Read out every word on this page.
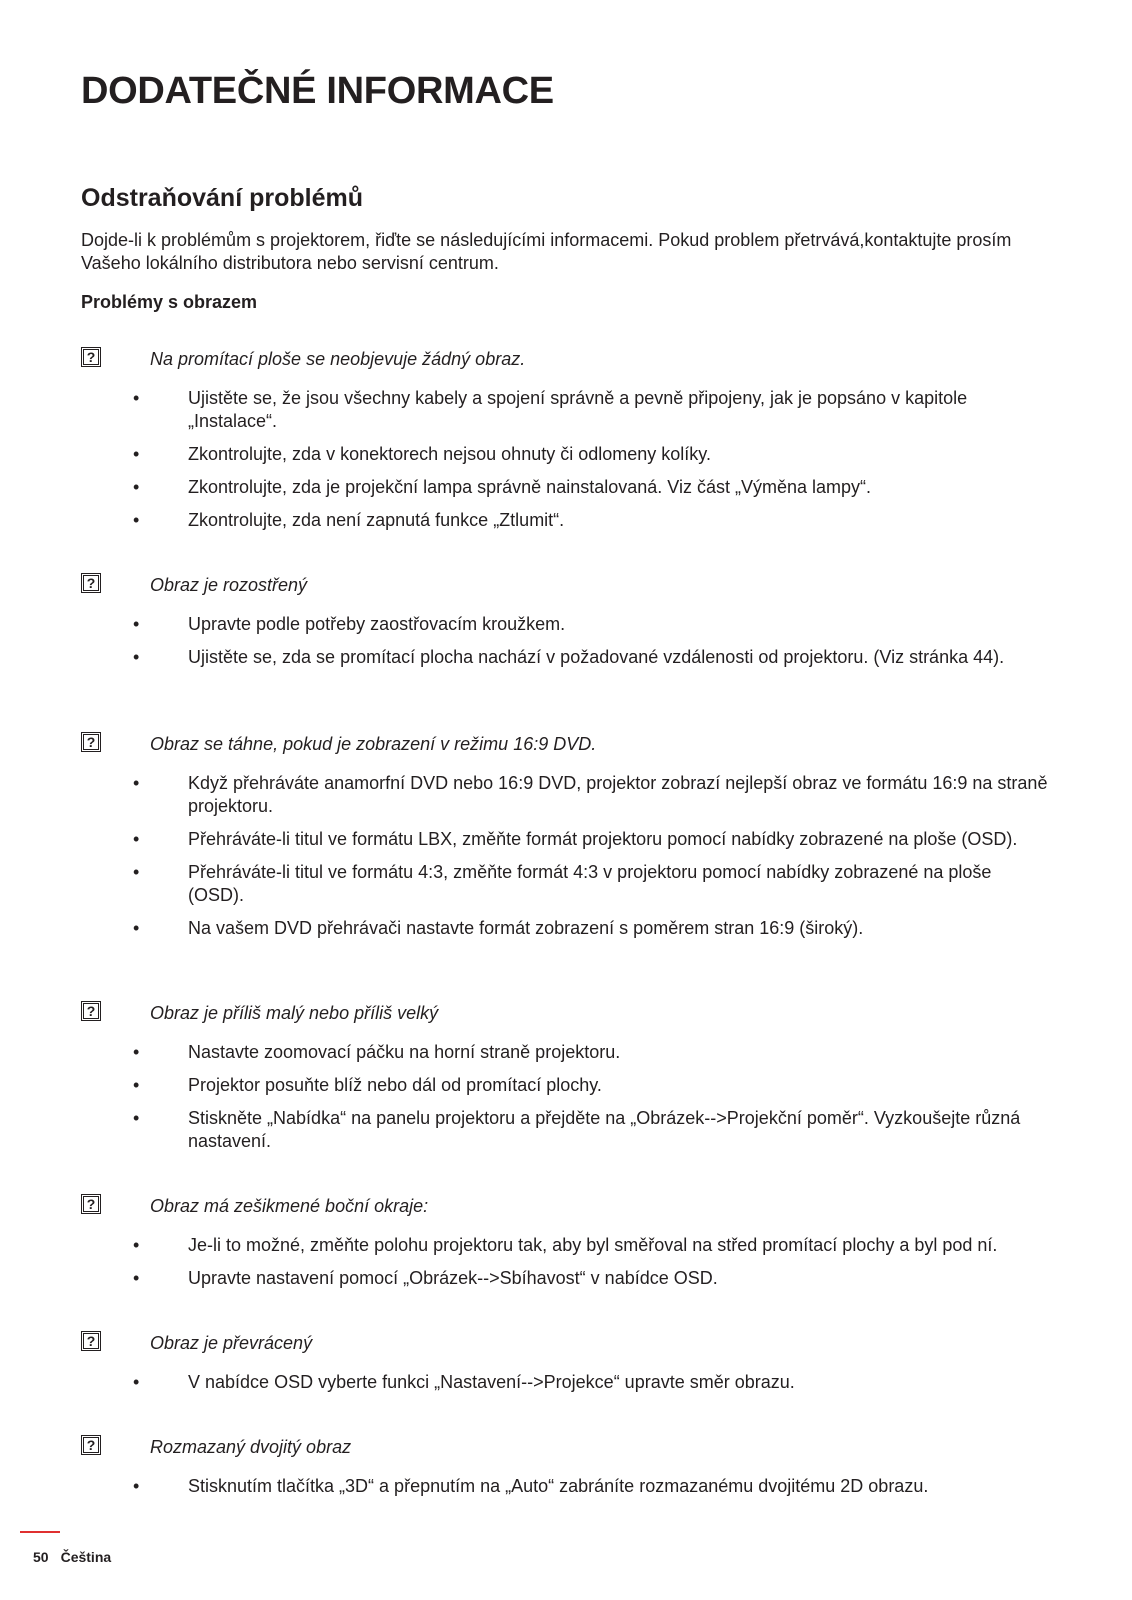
DODATEČNÉ INFORMACE
Odstraňování problémů

Dojde-li k problémům s projektorem, řiďte se následujícími informacemi. Pokud problem přetrvává,kontaktujte prosím Vašeho lokálního distributora nebo servisní centrum.

Problémy s obrazem

?	Na promítací ploše se neobjevuje žádný obraz.

•	Ujistěte se, že jsou všechny kabely a spojení správně a pevně připojeny, jak je popsáno v kapitole „Instalace“.
•	Zkontrolujte, zda v konektorech nejsou ohnuty či odlomeny kolíky.
•	Zkontrolujte, zda je projekční lampa správně nainstalovaná. Viz část „Výměna lampy“.
•	Zkontrolujte, zda není zapnutá funkce „Ztlumit“.
?	Obraz je rozostřený

•	Upravte podle potřeby zaostřovacím kroužkem.
•	Ujistěte se, zda se promítací plocha nachází v požadované vzdálenosti od projektoru. (Viz stránka 44).
?	Obraz se táhne, pokud je zobrazení v režimu 16:9 DVD.

•	Když přehráváte anamorfní DVD nebo 16:9 DVD, projektor zobrazí nejlepší obraz ve formátu 16:9 na straně projektoru.
•	Přehráváte-li titul ve formátu LBX, změňte formát projektoru pomocí nabídky zobrazené na ploše (OSD).
•	Přehráváte-li titul ve formátu 4:3, změňte formát 4:3 v projektoru pomocí nabídky zobrazené na ploše (OSD).
•	Na vašem DVD přehrávači nastavte formát zobrazení s poměrem stran 16:9 (široký).
?	Obraz je příliš malý nebo příliš velký

•	Nastavte zoomovací páčku na horní straně projektoru.
•	Projektor posuňte blíž nebo dál od promítací plochy.
•	Stiskněte „Nabídka“ na panelu projektoru a přejděte na „Obrázek-->Projekční poměr“. Vyzkoušejte různá nastavení.
?	Obraz má zešikmené boční okraje:

•	Je-li to možné, změňte polohu projektoru tak, aby byl směřoval na střed promítací plochy a byl pod ní.
•	Upravte nastavení pomocí „Obrázek-->Sbíhavost“ v nabídce OSD.
?	Obraz je převrácený

•	V nabídce OSD vyberte funkci „Nastavení-->Projekce“ upravte směr obrazu.
?	Rozmazaný dvojitý obraz

•	Stisknutím tlačítka „3D“ a přepnutím na „Auto“ zabráníte rozmazanému dvojitému 2D obrazu.
50 Čeština
